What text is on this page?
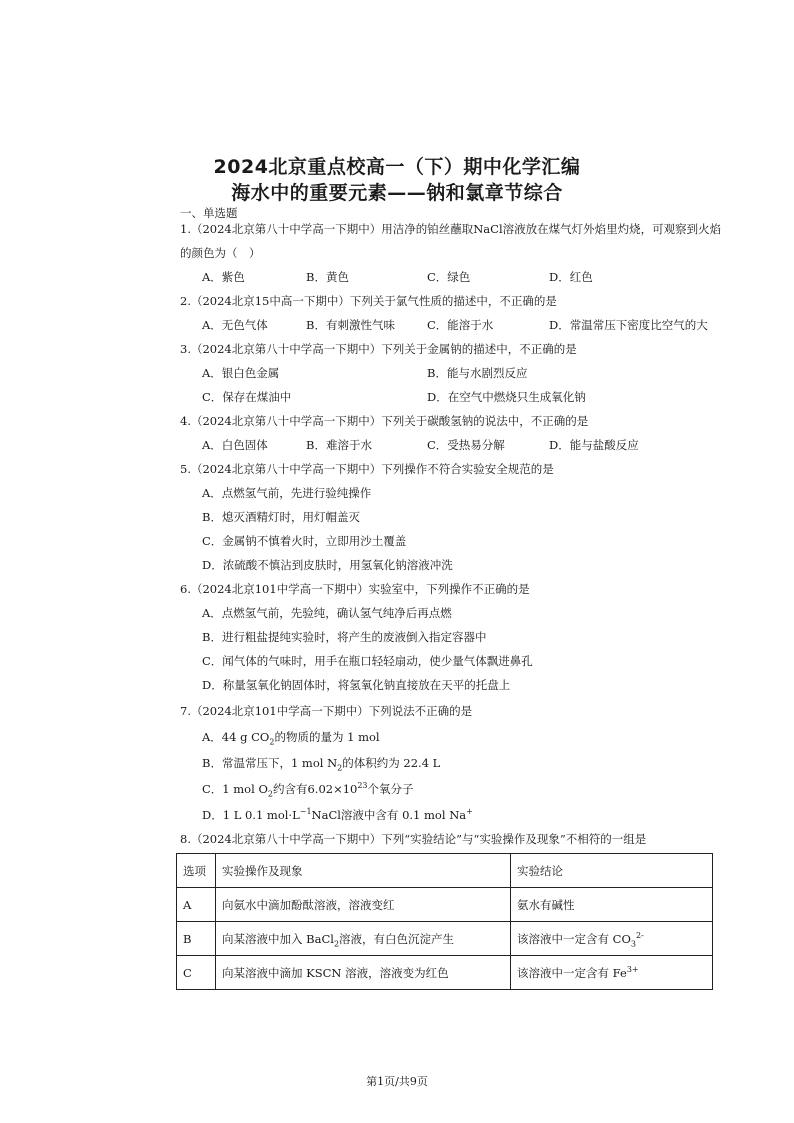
2024北京重点校高一（下）期中化学汇编
海水中的重要元素——钠和氯章节综合
一、单选题
1.（2024北京第八十中学高一下期中）用洁净的铂丝蘸取NaCl溶液放在煤气灯外焰里灼烧，可观察到火焰
的颜色为（　）
A．紫色	B．黄色	C．绿色	D．红色
2.（2024北京15中高一下期中）下列关于氯气性质的描述中，不正确的是
A．无色气体	B．有刺激性气味	C．能溶于水	D．常温常压下密度比空气的大
3.（2024北京第八十中学高一下期中）下列关于金属钠的描述中，不正确的是
A．银白色金属	B．能与水剧烈反应
C．保存在煤油中	D．在空气中燃烧只生成氧化钠
4.（2024北京第八十中学高一下期中）下列关于碳酸氢钠的说法中，不正确的是
A．白色固体	B．难溶于水	C．受热易分解	D．能与盐酸反应
5.（2024北京第八十中学高一下期中）下列操作不符合实验安全规范的是
A．点燃氢气前，先进行验纯操作
B．熄灭酒精灯时，用灯帽盖灭
C．金属钠不慎着火时，立即用沙土覆盖
D．浓硫酸不慎沾到皮肤时，用氢氧化钠溶液冲洗
6.（2024北京101中学高一下期中）实验室中，下列操作不正确的是
A．点燃氢气前，先验纯，确认氢气纯净后再点燃
B．进行粗盐提纯实验时，将产生的废液倒入指定容器中
C．闻气体的气味时，用手在瓶口轻轻扇动，使少量气体飘进鼻孔
D．称量氢氧化钠固体时，将氢氧化钠直接放在天平的托盘上
7.（2024北京101中学高一下期中）下列说法不正确的是
A．44 g $CO_2$的物质的量为 1 mol
B．常温常压下，1 mol $N_2$的体积约为 22.4 L
C．1 mol $O_2$约含有$6.02\times 10^{23}$个氧分子
D．1 L 0.1 $mol\cdot L^{-1}NaCl$溶液中含有 0.1 mol Na+
8.（2024北京第八十中学高一下期中）下列“实验结论”与“实验操作及现象”不相符的一组是
选项	实验操作及现象	实验结论
A	向氨水中滴加酚酞溶液，溶液变红	氨水有碱性
B	向某溶液中加入 BaCl$_2$溶液，有白色沉淀产生	该溶液中一定含有 $CO_3^{2-}$
C	向某溶液中滴加 KSCN 溶液，溶液变为红色	该溶液中一定含有 $Fe^{3+}$
第1页/共9页
